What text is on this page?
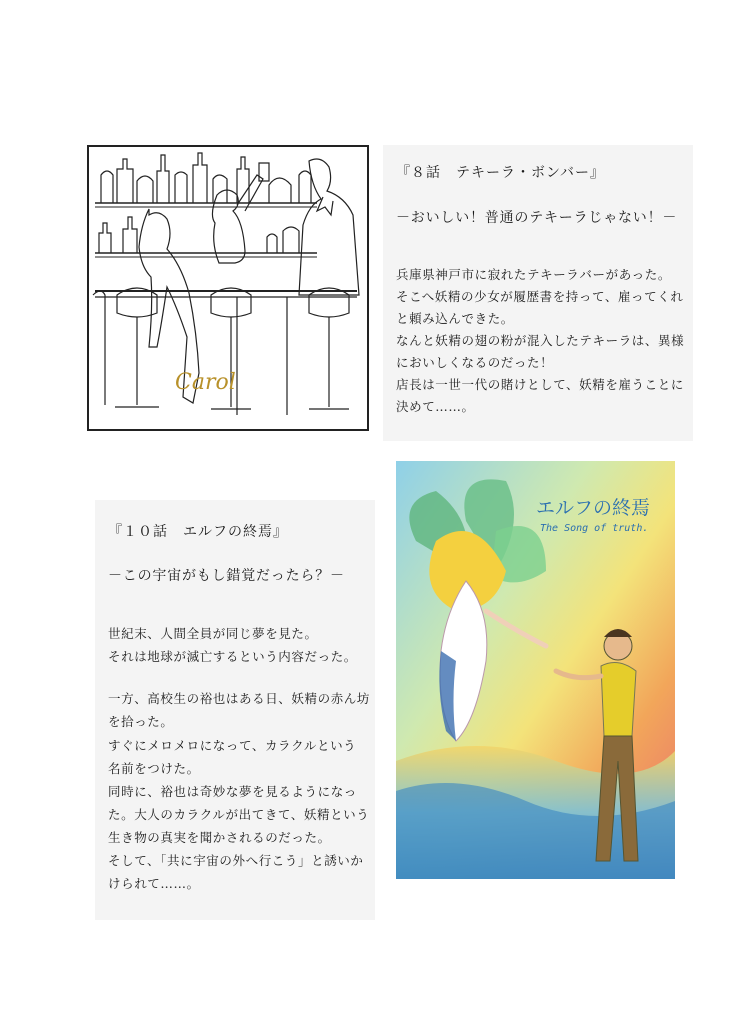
Carol
『８話　テキーラ・ボンバー』
－おいしい！普通のテキーラじゃない！－
兵庫県神戸市に寂れたテキーラバーがあった。
そこへ妖精の少女が履歴書を持って、雇ってくれ
と頼み込んできた。
なんと妖精の翅の粉が混入したテキーラは、異様
においしくなるのだった！
店長は一世一代の賭けとして、妖精を雇うことに
決めて……。
『１０話　エルフの終焉』
－この宇宙がもし錯覚だったら？－
世紀末、人間全員が同じ夢を見た。
それは地球が滅亡するという内容だった。
一方、高校生の裕也はある日、妖精の赤ん坊
を拾った。
すぐにメロメロになって、カラクルという
名前をつけた。
同時に、裕也は奇妙な夢を見るようになっ
た。大人のカラクルが出てきて、妖精という
生き物の真実を聞かされるのだった。
そして、「共に宇宙の外へ行こう」と誘いか
けられて……。
エルフの終焉
The Song of truth.
